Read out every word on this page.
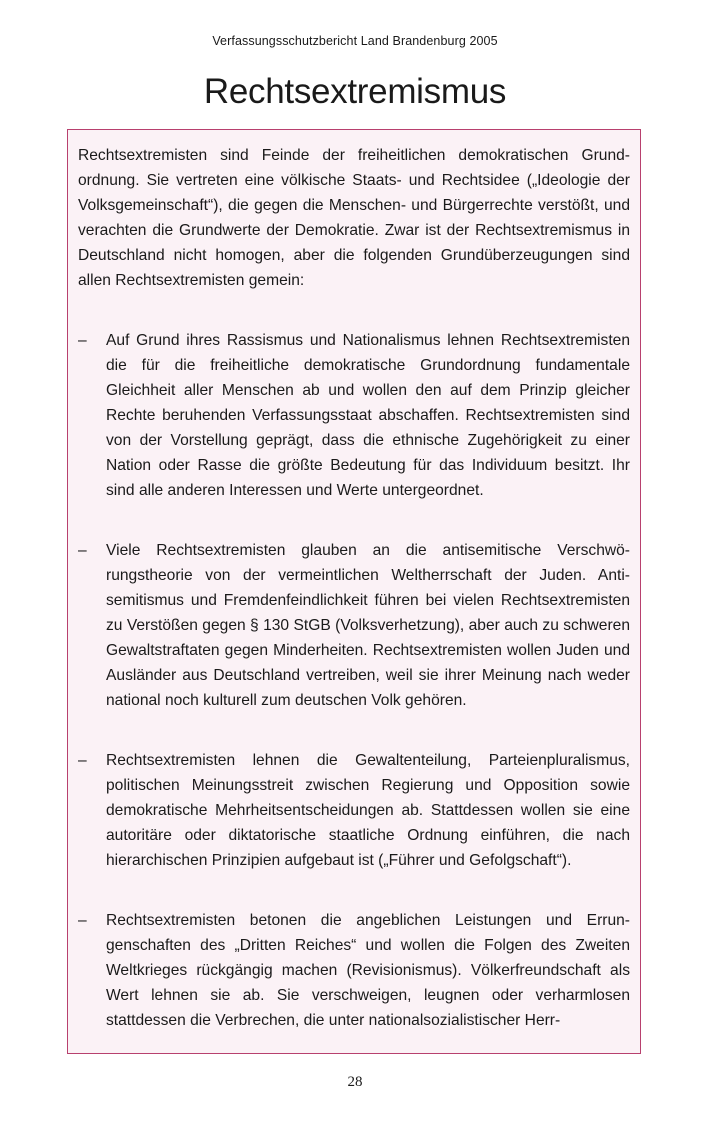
Verfassungsschutzbericht Land Brandenburg 2005
Rechtsextremismus

Rechtsextremisten sind Feinde der freiheitlichen demokratischen Grundordnung. Sie vertreten eine völkische Staats- und Rechtsidee („Ideologie der Volksgemeinschaft“), die gegen die Menschen- und Bürgerrechte verstößt, und verachten die Grundwerte der Demokratie. Zwar ist der Rechtsextremismus in Deutschland nicht homogen, aber die folgenden Grundüberzeugungen sind allen Rechtsextremisten gemein:

– Auf Grund ihres Rassismus und Nationalismus lehnen Rechtsextremisten die für die freiheitliche demokratische Grundordnung fundamentale Gleichheit aller Menschen ab und wollen den auf dem Prinzip gleicher Rechte beruhenden Verfassungsstaat abschaffen. Rechtsextremisten sind von der Vorstellung geprägt, dass die ethnische Zugehörigkeit zu einer Nation oder Rasse die größte Bedeutung für das Individuum besitzt. Ihr sind alle anderen Interessen und Werte untergeordnet.

– Viele Rechtsextremisten glauben an die antisemitische Verschwörungstheorie von der vermeintlichen Weltherrschaft der Juden. Antisemitismus und Fremdenfeindlichkeit führen bei vielen Rechtsextremisten zu Verstößen gegen § 130 StGB (Volksverhetzung), aber auch zu schweren Gewaltstraftaten gegen Minderheiten. Rechtsextremisten wollen Juden und Ausländer aus Deutschland vertreiben, weil sie ihrer Meinung nach weder national noch kulturell zum deutschen Volk gehören.

– Rechtsextremisten lehnen die Gewaltenteilung, Parteienpluralismus, politischen Meinungsstreit zwischen Regierung und Opposition sowie demokratische Mehrheitsentscheidungen ab. Stattdessen wollen sie eine autoritäre oder diktatorische staatliche Ordnung einführen, die nach hierarchischen Prinzipien aufgebaut ist („Führer und Gefolgschaft“).

– Rechtsextremisten betonen die angeblichen Leistungen und Errungenschaften des „Dritten Reiches“ und wollen die Folgen des Zweiten Weltkrieges rückgängig machen (Revisionismus). Völkerfreundschaft als Wert lehnen sie ab. Sie verschweigen, leugnen oder verharmlosen stattdessen die Verbrechen, die unter nationalsozialistischer Herr-

28
